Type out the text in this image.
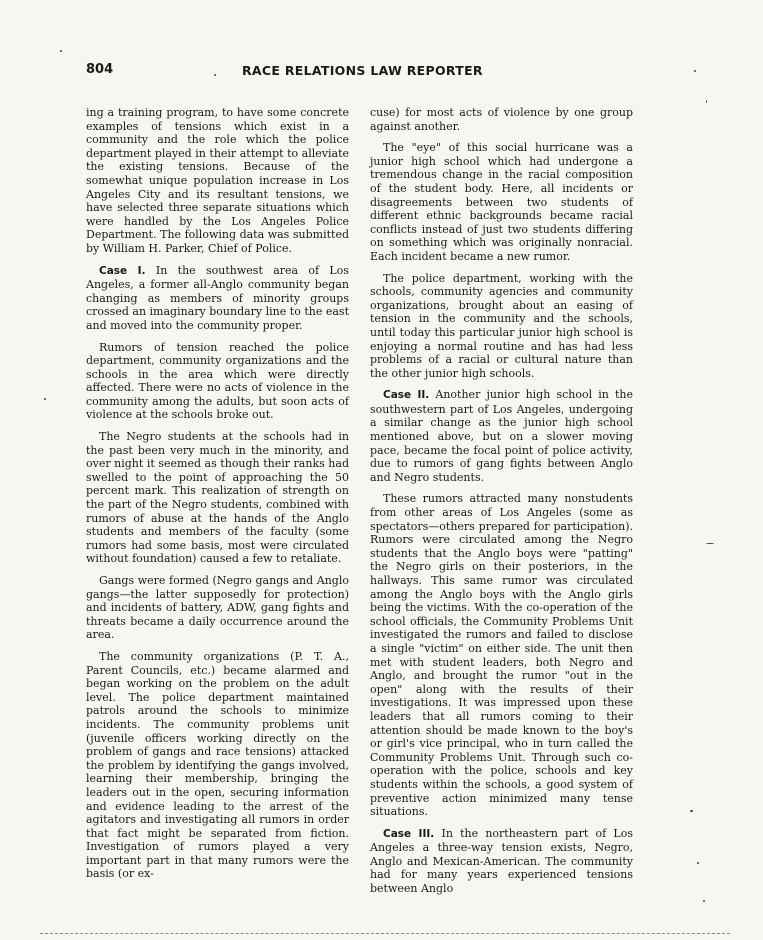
804	RACE RELATIONS LAW REPORTER

ing a training program, to have some concrete examples of tensions which exist in a community and the role which the police department played in their attempt to alleviate the existing tensions. Because of the somewhat unique population increase in Los Angeles City and its resultant tensions, we have selected three separate situations which were handled by the Los Angeles Police Department. The following data was submitted by William H. Parker, Chief of Police.

Case I. In the southwest area of Los Angeles, a former all-Anglo community began changing as members of minority groups crossed an imaginary boundary line to the east and moved into the community proper.

Rumors of tension reached the police department, community organizations and the schools in the area which were directly affected. There were no acts of violence in the community among the adults, but soon acts of violence at the schools broke out.

The Negro students at the schools had in the past been very much in the minority, and over night it seemed as though their ranks had swelled to the point of approaching the 50 percent mark. This realization of strength on the part of the Negro students, combined with rumors of abuse at the hands of the Anglo students and members of the faculty (some rumors had some basis, most were circulated without foundation) caused a few to retaliate.

Gangs were formed (Negro gangs and Anglo gangs—the latter supposedly for protection) and incidents of battery, ADW, gang fights and threats became a daily occurrence around the area.

The community organizations (P. T. A., Parent Councils, etc.) became alarmed and began working on the problem on the adult level. The police department maintained patrols around the schools to minimize incidents. The community problems unit (juvenile officers working directly on the problem of gangs and race tensions) attacked the problem by identifying the gangs involved, learning their membership, bringing the leaders out in the open, securing information and evidence leading to the arrest of the agitators and investigating all rumors in order that fact might be separated from fiction. Investigation of rumors played a very important part in that many rumors were the basis (or ex-

cuse) for most acts of violence by one group against another.

The "eye" of this social hurricane was a junior high school which had undergone a tremendous change in the racial composition of the student body. Here, all incidents or disagreements between two students of different ethnic backgrounds became racial conflicts instead of just two students differing on something which was originally nonracial. Each incident became a new rumor.

The police department, working with the schools, community agencies and community organizations, brought about an easing of tension in the community and the schools, until today this particular junior high school is enjoying a normal routine and has had less problems of a racial or cultural nature than the other junior high schools.

Case II. Another junior high school in the southwestern part of Los Angeles, undergoing a similar change as the junior high school mentioned above, but on a slower moving pace, became the focal point of police activity, due to rumors of gang fights between Anglo and Negro students.

These rumors attracted many nonstudents from other areas of Los Angeles (some as spectators—others prepared for participation). Rumors were circulated among the Negro students that the Anglo boys were "patting" the Negro girls on their posteriors, in the hallways. This same rumor was circulated among the Anglo boys with the Anglo girls being the victims. With the co-operation of the school officials, the Community Problems Unit investigated the rumors and failed to disclose a single "victim" on either side. The unit then met with student leaders, both Negro and Anglo, and brought the rumor "out in the open" along with the results of their investigations. It was impressed upon these leaders that all rumors coming to their attention should be made known to the boy's or girl's vice principal, who in turn called the Community Problems Unit. Through such co-operation with the police, schools and key students within the schools, a good system of preventive action minimized many tense situations.

Case III. In the northeastern part of Los Angeles a three-way tension exists, Negro, Anglo and Mexican-American. The community had for many years experienced tensions between Anglo
